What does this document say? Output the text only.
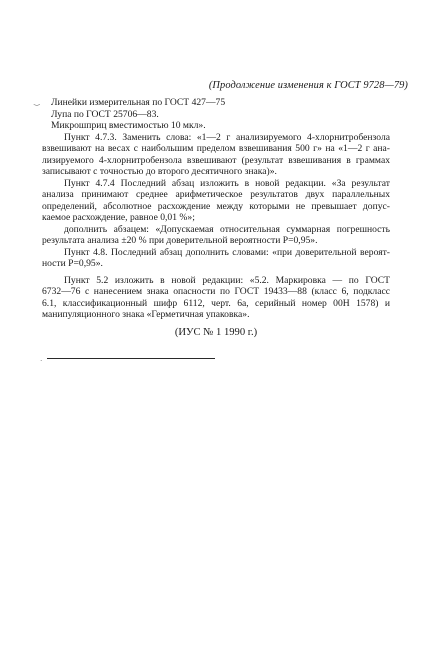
(Продолжение изменения к ГОСТ 9728—79)
Линейки измерительная по ГОСТ 427—75
Лупа по ГОСТ 25706—83.
Микрошприц вместимостью 10 мкл».
Пункт 4.7.3. Заменить слова: «1—2 г анализируемого 4-хлорнитробензола
взвешивают на весах с наибольшим пределом взвешивания 500 г» на «1—2 г ана-
лизируемого 4-хлорнитробензола взвешивают (результат взвешивания в граммах
записывают с точностью до второго десятичного знака)».
Пункт 4.7.4 Последний абзац изложить в новой редакции. «За результат
анализа принимают среднее арифметическое результатов двух параллельных
определений, абсолютное расхождение между которыми не превышает допус-
каемое расхождение, равное 0,01 %»;
дополнить абзацем: «Допускаемая относительная суммарная погрешность
результата анализа ±20 % при доверительной вероятности P=0,95».
Пункт 4.8. Последний абзац дополнить словами: «при доверительной вероят-
ности P=0,95».
Пункт 5.2 изложить в новой редакции: «5.2. Маркировка — по ГОСТ
6732—76 с нанесением знака опасности по ГОСТ 19433—88 (класс 6, подкласс
6.1, классификационный шифр 6112, черт. 6а, серийный номер 00Н 1578) и
манипуляционного знака «Герметичная упаковка».
(ИУС № 1 1990 г.)
·
‿
